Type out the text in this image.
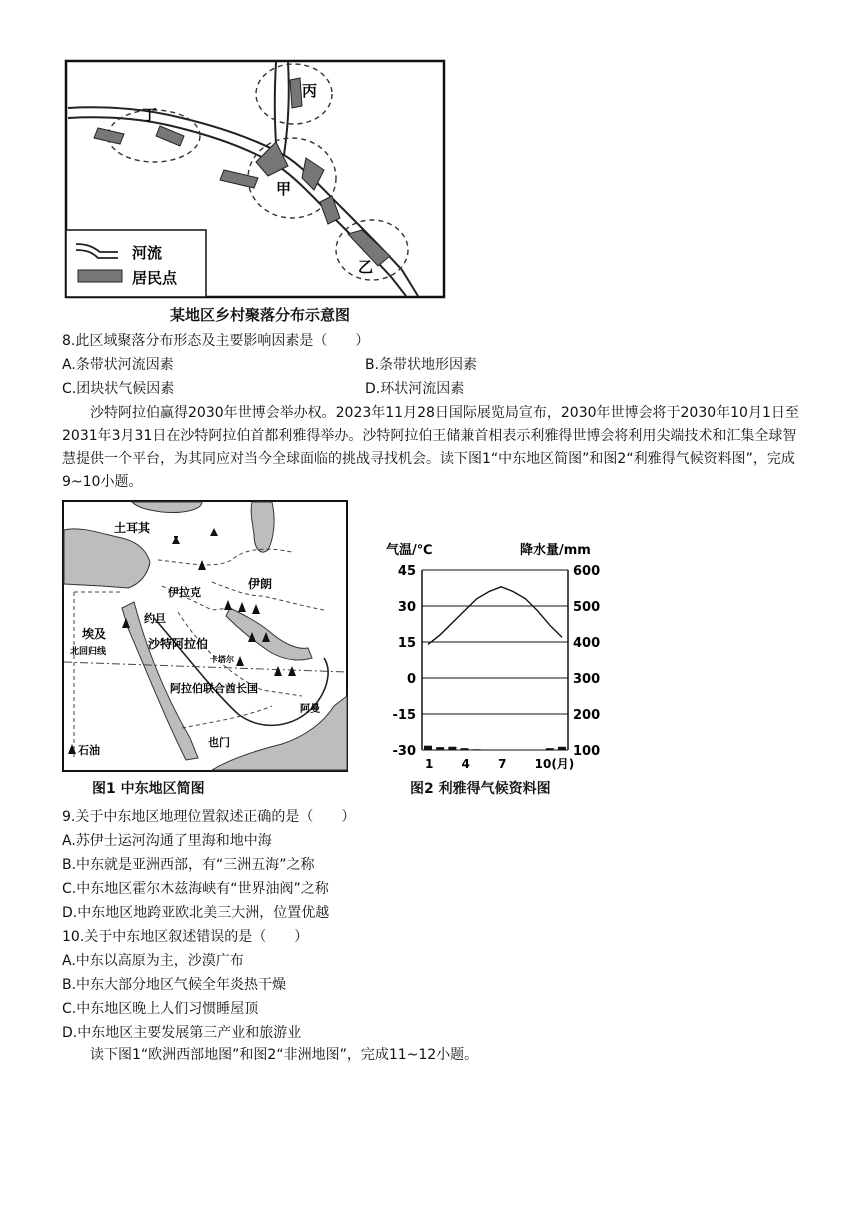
丙
丁
甲
乙
河流
居民点
某地区乡村聚落分布示意图
8.此区域聚落分布形态及主要影响因素是（　　）
A.条带状河流因素	B.条带状地形因素
C.团块状气候因素	D.环状河流因素
沙特阿拉伯赢得2030年世博会举办权。2023年11月28日国际展览局宣布，2030年世博会将于2030年10月1日至2031年3月31日在沙特阿拉伯首都利雅得举办。沙特阿拉伯王储兼首相表示利雅得世博会将利用尖端技术和汇集全球智慧提供一个平台，为其同应对当今全球面临的挑战寻找机会。读下图1“中东地区简图”和图2“利雅得气候资料图”，完成9~10小题。
土耳其
伊朗
伊拉克
约旦
埃及
北回归线
沙特阿拉伯
卡塔尔
阿拉伯联合酋长国
阿曼
也门
石油
图1 中东地区简图
气温/℃	降水量/mm
45
30
15
0
-15
-30
600
500
400
300
200
100
1 4 7 10(月)
图2 利雅得气候资料图
9.关于中东地区地理位置叙述正确的是（　　）
A.苏伊士运河沟通了里海和地中海
B.中东就是亚洲西部，有“三洲五海”之称
C.中东地区霍尔木兹海峡有“世界油阀”之称
D.中东地区地跨亚欧北美三大洲，位置优越
10.关于中东地区叙述错误的是（　　）
A.中东以高原为主，沙漠广布
B.中东大部分地区气候全年炎热干燥
C.中东地区晚上人们习惯睡屋顶
D.中东地区主要发展第三产业和旅游业
读下图1“欧洲西部地图”和图2“非洲地图”，完成11~12小题。
